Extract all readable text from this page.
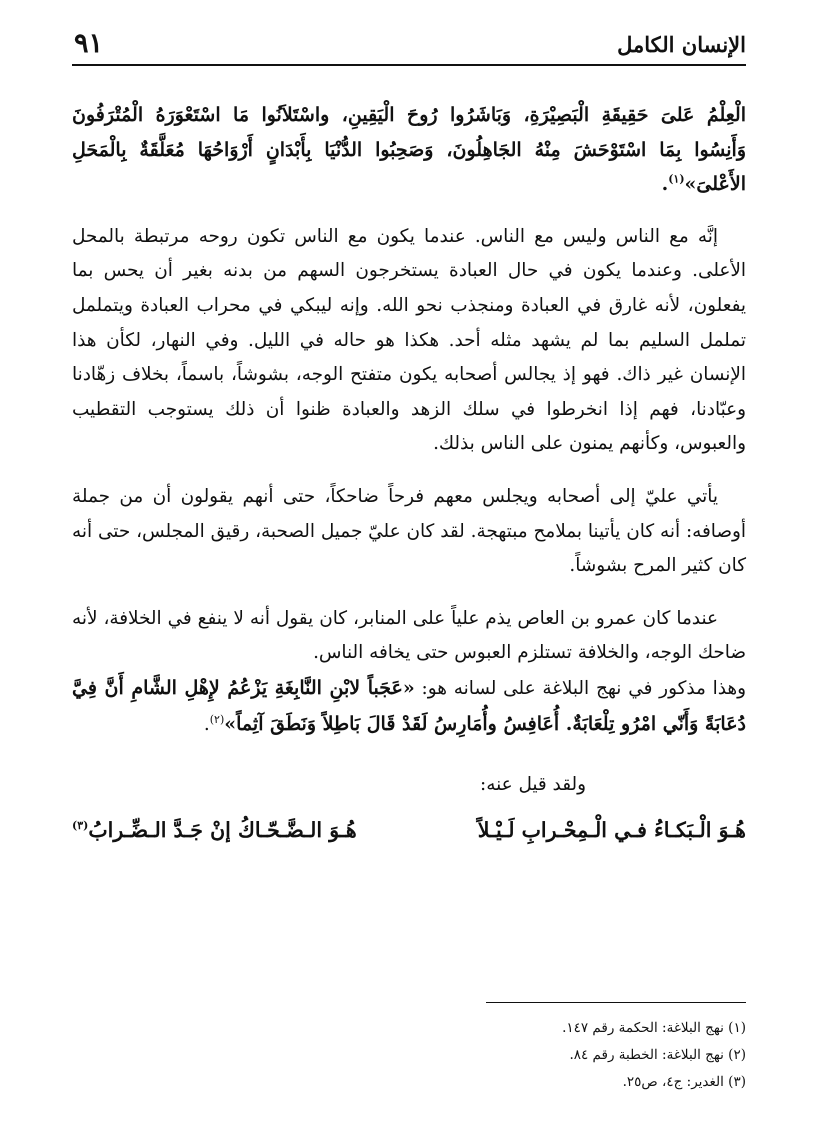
الإنسان الكامل
٩١

الْعِلْمُ عَلىَ حَقِيقَةِ الْبَصِيْرَةِ، وَبَاشَرُوا رُوحَ الْيَقِينِ، واسْتَلاَنُوا مَا اسْتَعْوَرَهُ الْمُتْرَفُونَ وَأَنِسُوا بِمَا اسْتَوْحَشَ مِنْهُ الجَاهِلُونَ، وَصَحِبُوا الدُّنْيَا بِأَبْدَانٍ أَرْوَاحُهَا مُعَلَّقَةٌ بِالْمَحَلِ الأَعْلىَ»$^{(١)}$.

إنَّه مع الناس وليس مع الناس. عندما يكون مع الناس تكون روحه مرتبطة بالمحل الأعلى. وعندما يكون في حال العبادة يستخرجون السهم من بدنه بغير أن يحس بما يفعلون، لأنه غارق في العبادة ومنجذب نحو الله. وإنه ليبكي في محراب العبادة ويتململ تململ السليم بما لم يشهد مثله أحد. هكذا هو حاله في الليل. وفي النهار، لكأن هذا الإنسان غير ذاك. فهو إذ يجالس أصحابه يكون متفتح الوجه، بشوشاً، باسماً، بخلاف زهّادنا وعبّادنا، فهم إذا انخرطوا في سلك الزهد والعبادة ظنوا أن ذلك يستوجب التقطيب والعبوس، وكأنهم يمنون على الناس بذلك.

يأتي عليّ إلى أصحابه ويجلس معهم فرحاً ضاحكاً، حتى أنهم يقولون أن من جملة أوصافه: أنه كان يأتينا بملامح مبتهجة. لقد كان عليّ جميل الصحبة، رقيق المجلس، حتى أنه كان كثير المرح بشوشاً.

عندما كان عمرو بن العاص يذم علياً على المنابر، كان يقول أنه لا ينفع في الخلافة، لأنه ضاحك الوجه، والخلافة تستلزم العبوس حتى يخافه الناس.

وهذا مذكور في نهج البلاغة على لسانه هو: «عَجَباً لابْنِ النَّابِغَةِ يَزْعُمُ لإِهْلِ الشَّامِ أَنَّ فِيَّ دُعَابَةً وَأَنّي امْرُو تِلْعَابَةٌ. أُعَافِسُ وأُمَارِسُ لَقَدْ قَالَ بَاطِلاً وَنَطَقَ آثِماً»$^{(٢)}$.

ولقد قيل عنه:

هُـوَ الْـبَكـاءُ فـي الْـمِحْـرابِ لَـيْـلاً
هُـوَ الـضَّـحّـاكُ إنْ جَـدَّ الـضِّـرابُ$^{(٣)}$
(١) نهج البلاغة: الحكمة رقم ١٤٧.
(٢) نهج البلاغة: الخطبة رقم ٨٤.
(٣) الغدير: ج٤، ص٢٥.
